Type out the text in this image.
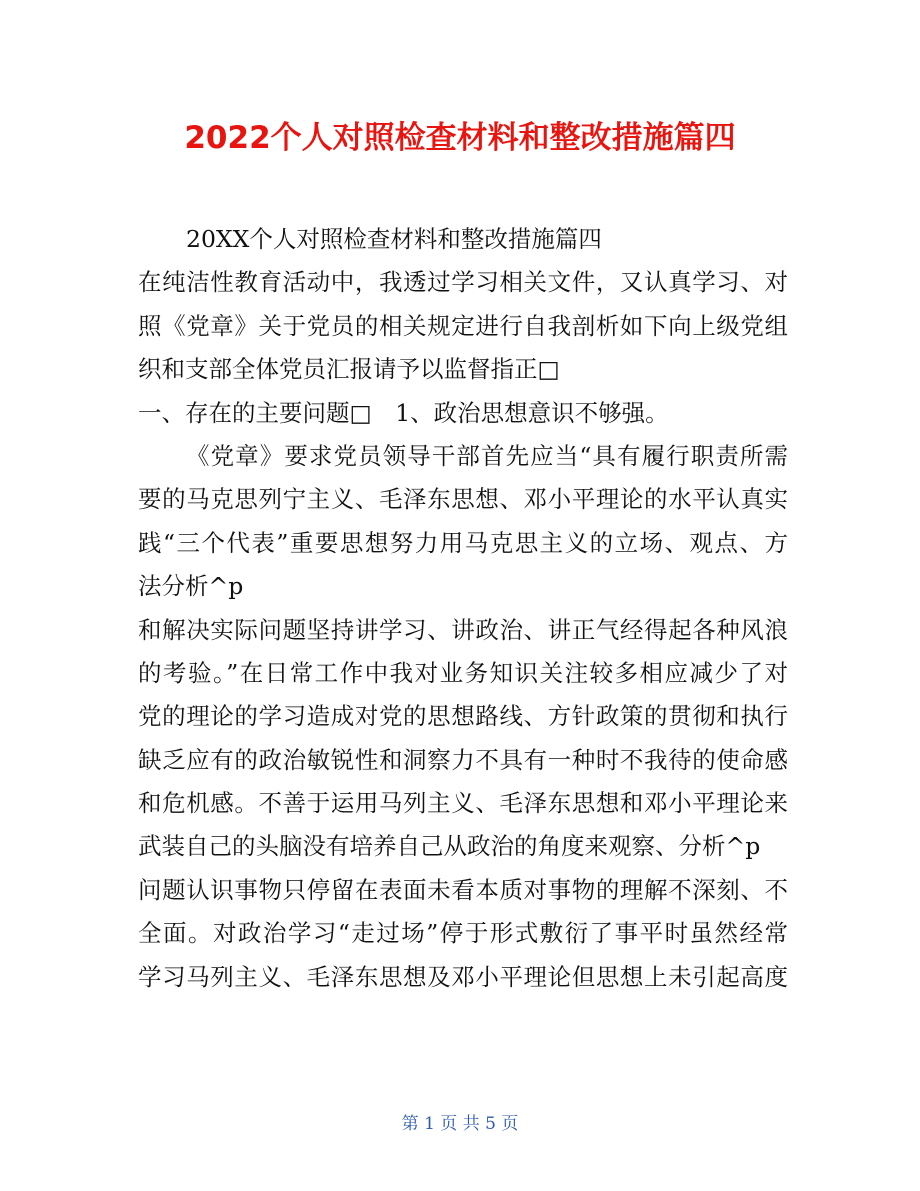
2022个人对照检查材料和整改措施篇四
20XX个人对照检查材料和整改措施篇四
在纯洁性教育活动中，我透过学习相关文件，又认真学习、对
照《党章》关于党员的相关规定进行自我剖析如下向上级党组
织和支部全体党员汇报请予以监督指正□
一、存在的主要问题□　1、政治思想意识不够强。
《党章》要求党员领导干部首先应当“具有履行职责所需
要的马克思列宁主义、毛泽东思想、邓小平理论的水平认真实
践“三个代表”重要思想努力用马克思主义的立场、观点、方
法分析^p
和解决实际问题坚持讲学习、讲政治、讲正气经得起各种风浪
的考验。”在日常工作中我对业务知识关注较多相应减少了对
党的理论的学习造成对党的思想路线、方针政策的贯彻和执行
缺乏应有的政治敏锐性和洞察力不具有一种时不我待的使命感
和危机感。不善于运用马列主义、毛泽东思想和邓小平理论来
武装自己的头脑没有培养自己从政治的角度来观察、分析^p
问题认识事物只停留在表面未看本质对事物的理解不深刻、不
全面。对政治学习“走过场”停于形式敷衍了事平时虽然经常
学习马列主义、毛泽东思想及邓小平理论但思想上未引起高度
第 1 页 共 5 页
